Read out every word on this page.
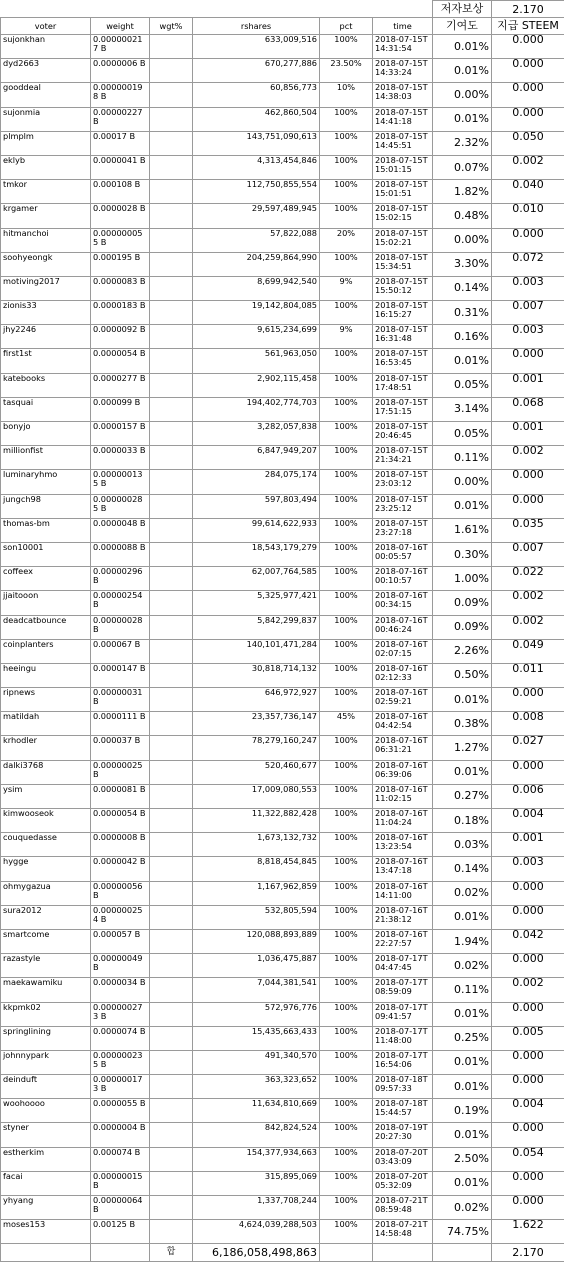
						저자보상	2.170
voter	weight	wgt%	rshares	pct	time	기여도	지급 STEEM
sujonkhan	0.00000021 7 B		633,009,516	100%	2018-07-15T14:31:54	0.01%	0.000
dyd2663	0.0000006 B		670,277,886	23.50%	2018-07-15T14:33:24	0.01%	0.000
gooddeal	0.00000019 8 B		60,856,773	10%	2018-07-15T14:38:03	0.00%	0.000
sujonmia	0.00000227 B		462,860,504	100%	2018-07-15T14:41:18	0.01%	0.000
plmplm	0.00017 B		143,751,090,613	100%	2018-07-15T14:45:51	2.32%	0.050
eklyb	0.0000041 B		4,313,454,846	100%	2018-07-15T15:01:15	0.07%	0.002
tmkor	0.000108 B		112,750,855,554	100%	2018-07-15T15:01:51	1.82%	0.040
krgamer	0.0000028 B		29,597,489,945	100%	2018-07-15T15:02:15	0.48%	0.010
hitmanchoi	0.00000005 5 B		57,822,088	20%	2018-07-15T15:02:21	0.00%	0.000
soohyeongk	0.000195 B		204,259,864,990	100%	2018-07-15T15:34:51	3.30%	0.072
motiving2017	0.0000083 B		8,699,942,540	9%	2018-07-15T15:50:12	0.14%	0.003
zionis33	0.0000183 B		19,142,804,085	100%	2018-07-15T16:15:27	0.31%	0.007
jhy2246	0.0000092 B		9,615,234,699	9%	2018-07-15T16:31:48	0.16%	0.003
first1st	0.0000054 B		561,963,050	100%	2018-07-15T16:53:45	0.01%	0.000
katebooks	0.0000277 B		2,902,115,458	100%	2018-07-15T17:48:51	0.05%	0.001
tasquai	0.000099 B		194,402,774,703	100%	2018-07-15T17:51:15	3.14%	0.068
bonyjo	0.0000157 B		3,282,057,838	100%	2018-07-15T20:46:45	0.05%	0.001
millionfist	0.0000033 B		6,847,949,207	100%	2018-07-15T21:34:21	0.11%	0.002
luminaryhmo	0.00000013 5 B		284,075,174	100%	2018-07-15T23:03:12	0.00%	0.000
jungch98	0.00000028 5 B		597,803,494	100%	2018-07-15T23:25:12	0.01%	0.000
thomas-bm	0.0000048 B		99,614,622,933	100%	2018-07-15T23:27:18	1.61%	0.035
son10001	0.0000088 B		18,543,179,279	100%	2018-07-16T00:05:57	0.30%	0.007
coffeex	0.00000296 B		62,007,764,585	100%	2018-07-16T00:10:57	1.00%	0.022
jjaitooon	0.00000254 B		5,325,977,421	100%	2018-07-16T00:34:15	0.09%	0.002
deadcatbounce	0.00000028 B		5,842,299,837	100%	2018-07-16T00:46:24	0.09%	0.002
coinplanters	0.000067 B		140,101,471,284	100%	2018-07-16T02:07:15	2.26%	0.049
heeingu	0.0000147 B		30,818,714,132	100%	2018-07-16T02:12:33	0.50%	0.011
ripnews	0.00000031 B		646,972,927	100%	2018-07-16T02:59:21	0.01%	0.000
matildah	0.0000111 B		23,357,736,147	45%	2018-07-16T04:42:54	0.38%	0.008
krhodler	0.000037 B		78,279,160,247	100%	2018-07-16T06:31:21	1.27%	0.027
dalki3768	0.00000025 B		520,460,677	100%	2018-07-16T06:39:06	0.01%	0.000
ysim	0.0000081 B		17,009,080,553	100%	2018-07-16T11:02:15	0.27%	0.006
kimwooseok	0.0000054 B		11,322,882,428	100%	2018-07-16T11:04:24	0.18%	0.004
couquedasse	0.0000008 B		1,673,132,732	100%	2018-07-16T13:23:54	0.03%	0.001
hygge	0.0000042 B		8,818,454,845	100%	2018-07-16T13:47:18	0.14%	0.003
ohmygazua	0.00000056 B		1,167,962,859	100%	2018-07-16T14:11:00	0.02%	0.000
sura2012	0.00000025 4 B		532,805,594	100%	2018-07-16T21:38:12	0.01%	0.000
smartcome	0.000057 B		120,088,893,889	100%	2018-07-16T22:27:57	1.94%	0.042
razastyle	0.00000049 B		1,036,475,887	100%	2018-07-17T04:47:45	0.02%	0.000
maekawamiku	0.0000034 B		7,044,381,541	100%	2018-07-17T08:59:09	0.11%	0.002
kkpmk02	0.00000027 3 B		572,976,776	100%	2018-07-17T09:41:57	0.01%	0.000
springlining	0.0000074 B		15,435,663,433	100%	2018-07-17T11:48:00	0.25%	0.005
johnnypark	0.00000023 5 B		491,340,570	100%	2018-07-17T16:54:06	0.01%	0.000
deinduft	0.00000017 3 B		363,323,652	100%	2018-07-18T09:57:33	0.01%	0.000
woohoooo	0.0000055 B		11,634,810,669	100%	2018-07-18T15:44:57	0.19%	0.004
styner	0.0000004 B		842,824,524	100%	2018-07-19T20:27:30	0.01%	0.000
estherkim	0.000074 B		154,377,934,663	100%	2018-07-20T03:43:09	2.50%	0.054
facai	0.00000015 B		315,895,069	100%	2018-07-20T05:32:09	0.01%	0.000
yhyang	0.00000064 B		1,337,708,244	100%	2018-07-21T08:59:48	0.02%	0.000
moses153	0.00125 B		4,624,039,288,503	100%	2018-07-21T14:58:48	74.75%	1.622
		합	6,186,058,498,863				2.170
